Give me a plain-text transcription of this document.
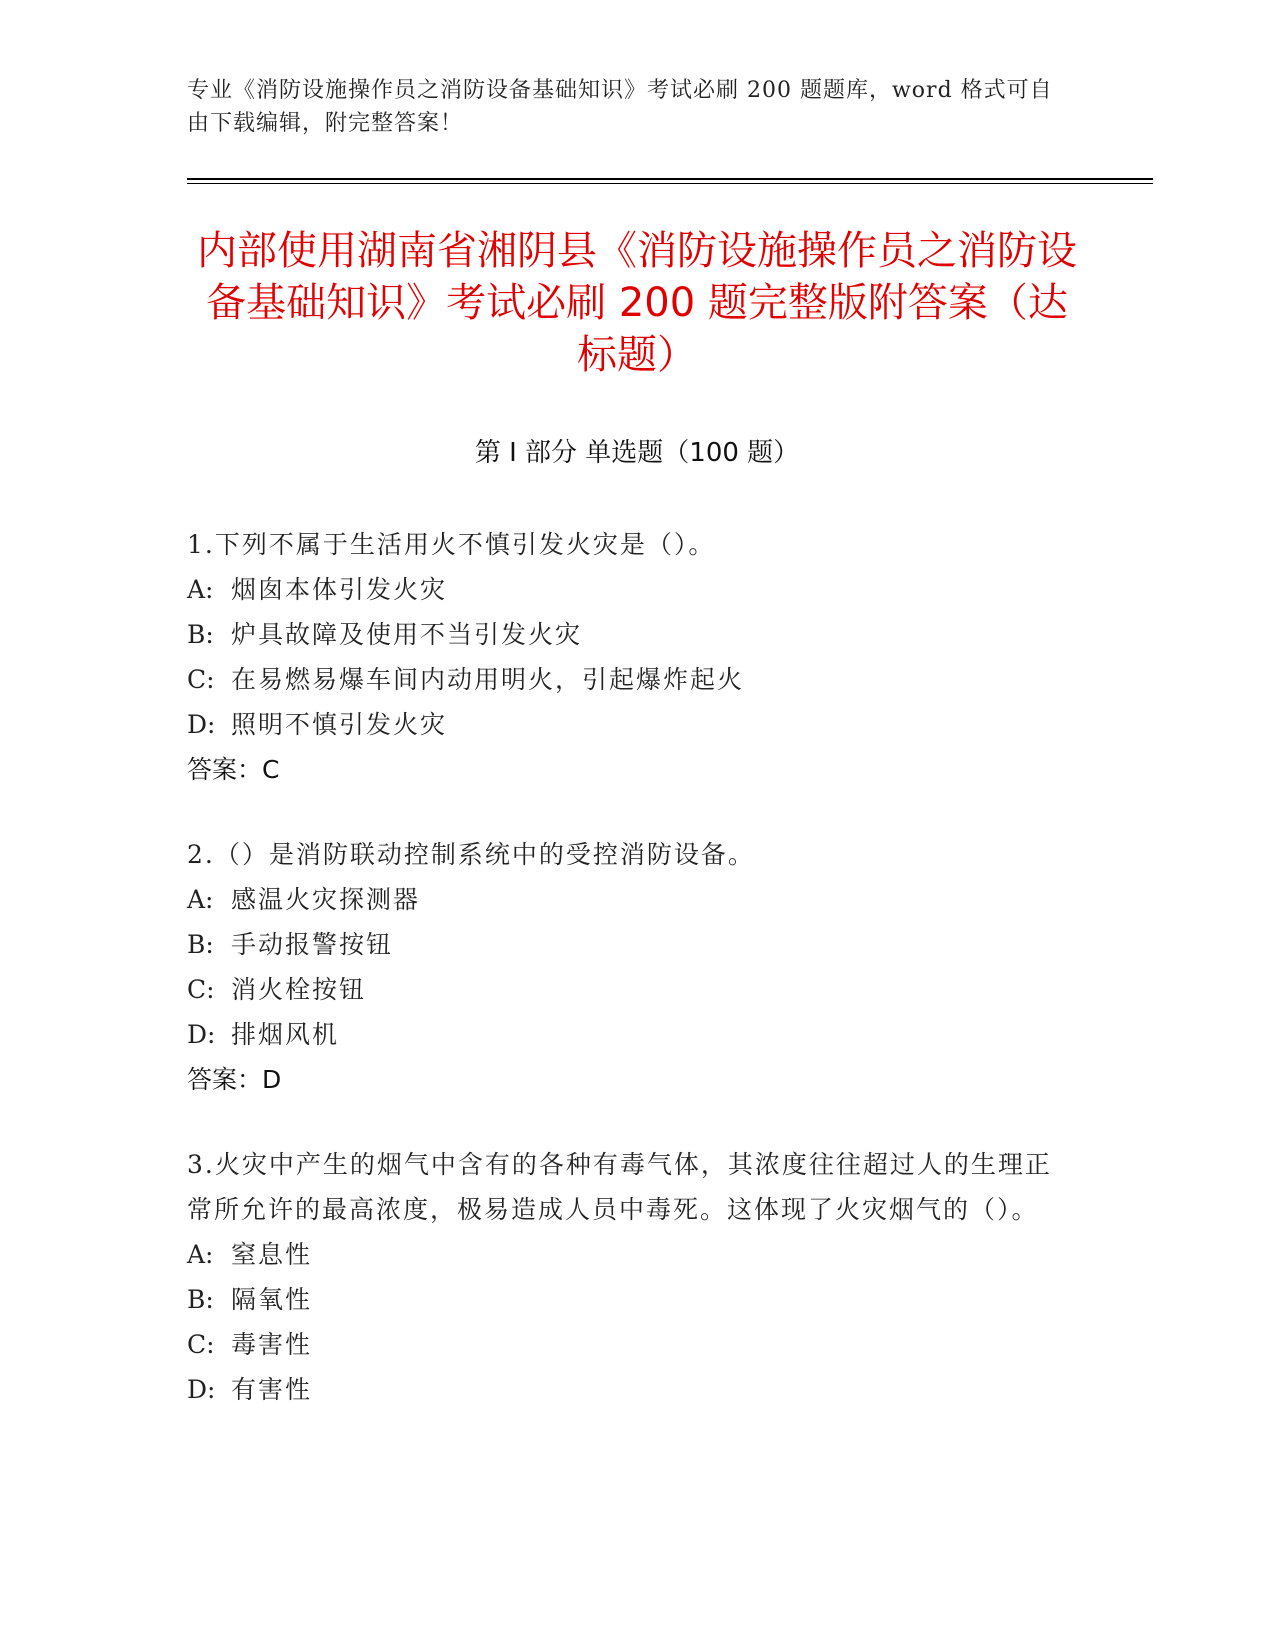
专业《消防设施操作员之消防设备基础知识》考试必刷 200 题题库，word 格式可自由下载编辑，附完整答案！
内部使用湖南省湘阴县《消防设施操作员之消防设备基础知识》考试必刷 200 题完整版附答案（达标题）
第 I 部分 单选题（100 题）
1.下列不属于生活用火不慎引发火灾是（）。
A: 烟囱本体引发火灾
B: 炉具故障及使用不当引发火灾
C: 在易燃易爆车间内动用明火，引起爆炸起火
D: 照明不慎引发火灾
答案：C
2.（）是消防联动控制系统中的受控消防设备。
A: 感温火灾探测器
B: 手动报警按钮
C: 消火栓按钮
D: 排烟风机
答案：D
3.火灾中产生的烟气中含有的各种有毒气体，其浓度往往超过人的生理正常所允许的最高浓度，极易造成人员中毒死。这体现了火灾烟气的（）。
A: 窒息性
B: 隔氧性
C: 毒害性
D: 有害性
